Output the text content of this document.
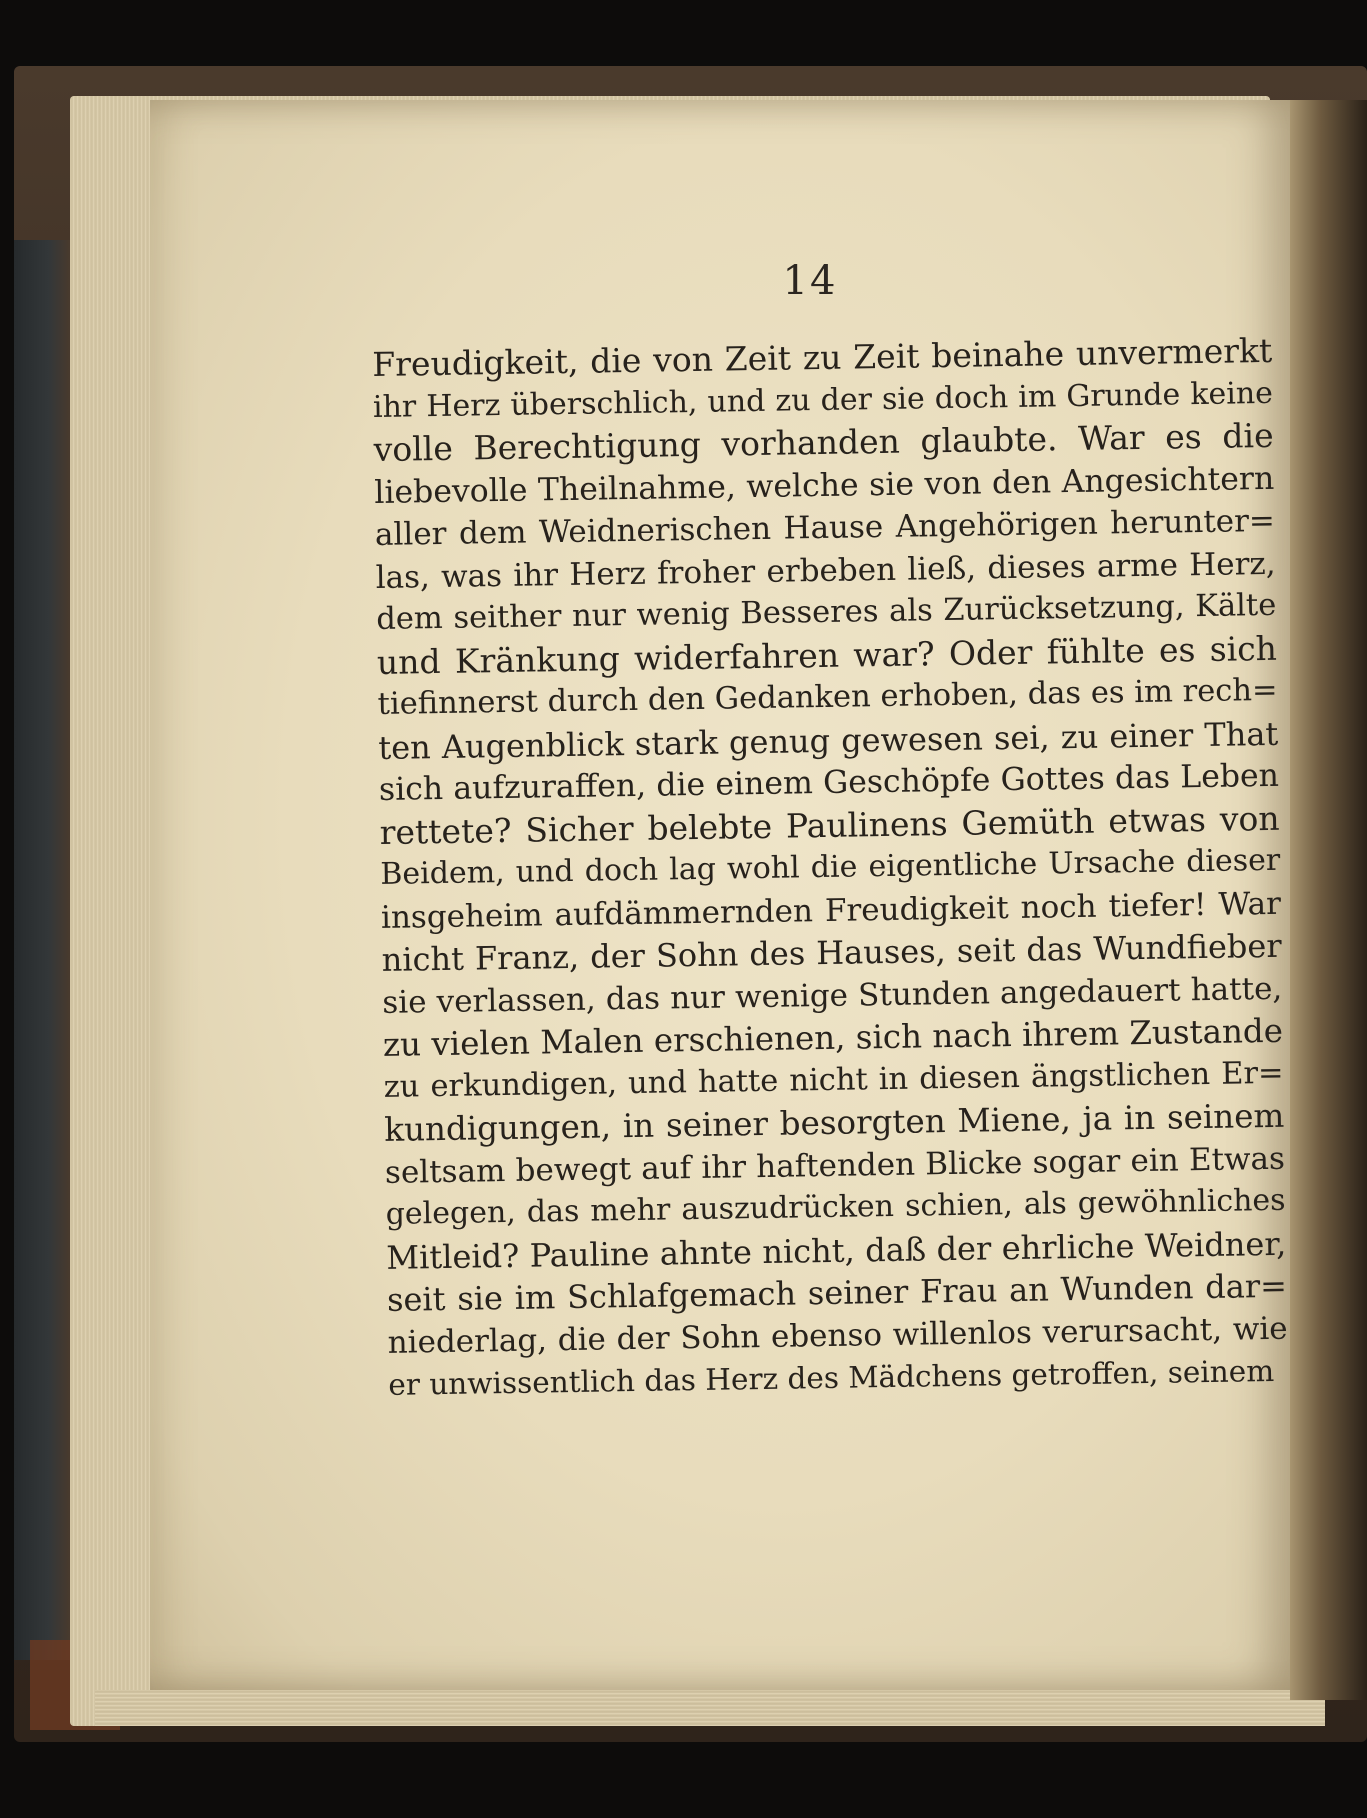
14
Freudigkeit, die von Zeit zu Zeit beinahe unvermerkt
ihr Herz überschlich, und zu der sie doch im Grunde keine
volle Berechtigung vorhanden glaubte. War es die
liebevolle Theilnahme, welche sie von den Angesichtern
aller dem Weidnerischen Hause Angehörigen herunter=
las, was ihr Herz froher erbeben ließ, dieses arme Herz,
dem seither nur wenig Besseres als Zurücksetzung, Kälte
und Kränkung widerfahren war? Oder fühlte es sich
tiefinnerst durch den Gedanken erhoben, das es im rech=
ten Augenblick stark genug gewesen sei, zu einer That
sich aufzuraffen, die einem Geschöpfe Gottes das Leben
rettete? Sicher belebte Paulinens Gemüth etwas von
Beidem, und doch lag wohl die eigentliche Ursache dieser
insgeheim aufdämmernden Freudigkeit noch tiefer! War
nicht Franz, der Sohn des Hauses, seit das Wundfieber
sie verlassen, das nur wenige Stunden angedauert hatte,
zu vielen Malen erschienen, sich nach ihrem Zustande
zu erkundigen, und hatte nicht in diesen ängstlichen Er=
kundigungen, in seiner besorgten Miene, ja in seinem
seltsam bewegt auf ihr haftenden Blicke sogar ein Etwas
gelegen, das mehr auszudrücken schien, als gewöhnliches
Mitleid? Pauline ahnte nicht, daß der ehrliche Weidner,
seit sie im Schlafgemach seiner Frau an Wunden dar=
niederlag, die der Sohn ebenso willenlos verursacht, wie
er unwissentlich das Herz des Mädchens getroffen, seinem
